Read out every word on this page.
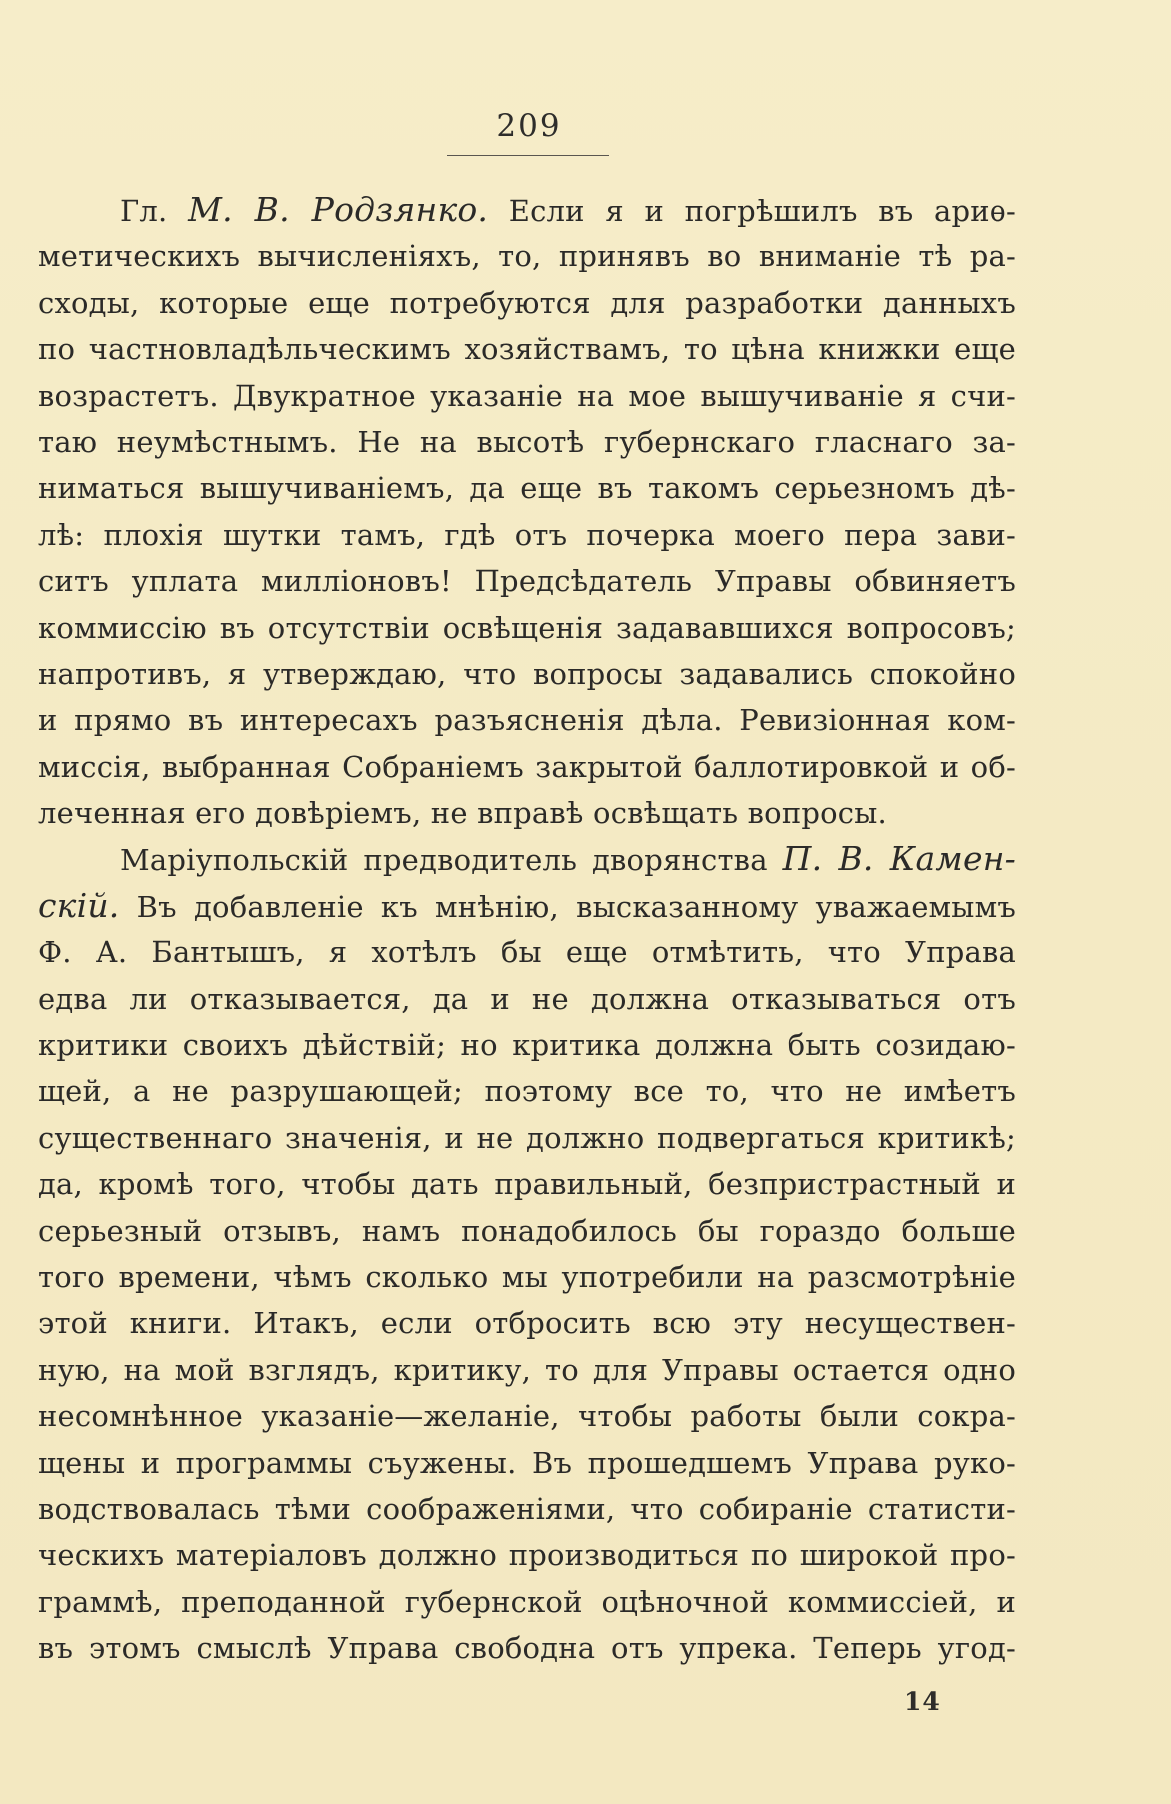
209
Гл. М. В. Родзянко. Если я и погрѣшилъ въ ариѳ-
метическихъ вычисленіяхъ, то, принявъ во вниманіе тѣ ра-
сходы, которые еще потребуются для разработки данныхъ
по частновладѣльческимъ хозяйствамъ, то цѣна книжки еще
возрастетъ. Двукратное указаніе на мое вышучиваніе я счи-
таю неумѣстнымъ. Не на высотѣ губернскаго гласнаго за-
ниматься вышучиваніемъ, да еще въ такомъ серьезномъ дѣ-
лѣ: плохія шутки тамъ, гдѣ отъ почерка моего пера зави-
ситъ уплата милліоновъ! Предсѣдатель Управы обвиняетъ
коммиссію въ отсутствіи освѣщенія задававшихся вопросовъ;
напротивъ, я утверждаю, что вопросы задавались спокойно
и прямо въ интересахъ разъясненія дѣла. Ревизіонная ком-
миссія, выбранная Собраніемъ закрытой баллотировкой и об-
леченная его довѣріемъ, не вправѣ освѣщать вопросы.
Маріупольскій предводитель дворянства П. В. Камен-
скій. Въ добавленіе къ мнѣнію, высказанному уважаемымъ
Ф. А. Бантышъ, я хотѣлъ бы еще отмѣтить, что Управа
едва ли отказывается, да и не должна отказываться отъ
критики своихъ дѣйствій; но критика должна быть созидаю-
щей, а не разрушающей; поэтому все то, что не имѣетъ
существеннаго значенія, и не должно подвергаться критикѣ;
да, кромѣ того, чтобы дать правильный, безпристрастный и
серьезный отзывъ, намъ понадобилось бы гораздо больше
того времени, чѣмъ сколько мы употребили на разсмотрѣніе
этой книги. Итакъ, если отбросить всю эту несуществен-
ную, на мой взглядъ, критику, то для Управы остается одно
несомнѣнное указаніе—желаніе, чтобы работы были сокра-
щены и программы съужены. Въ прошедшемъ Управа руко-
водствовалась тѣми соображеніями, что собираніе статисти-
ческихъ матеріаловъ должно производиться по широкой про-
граммѣ, преподанной губернской оцѣночной коммиссіей, и
въ этомъ смыслѣ Управа свободна отъ упрека. Теперь угод-
14
